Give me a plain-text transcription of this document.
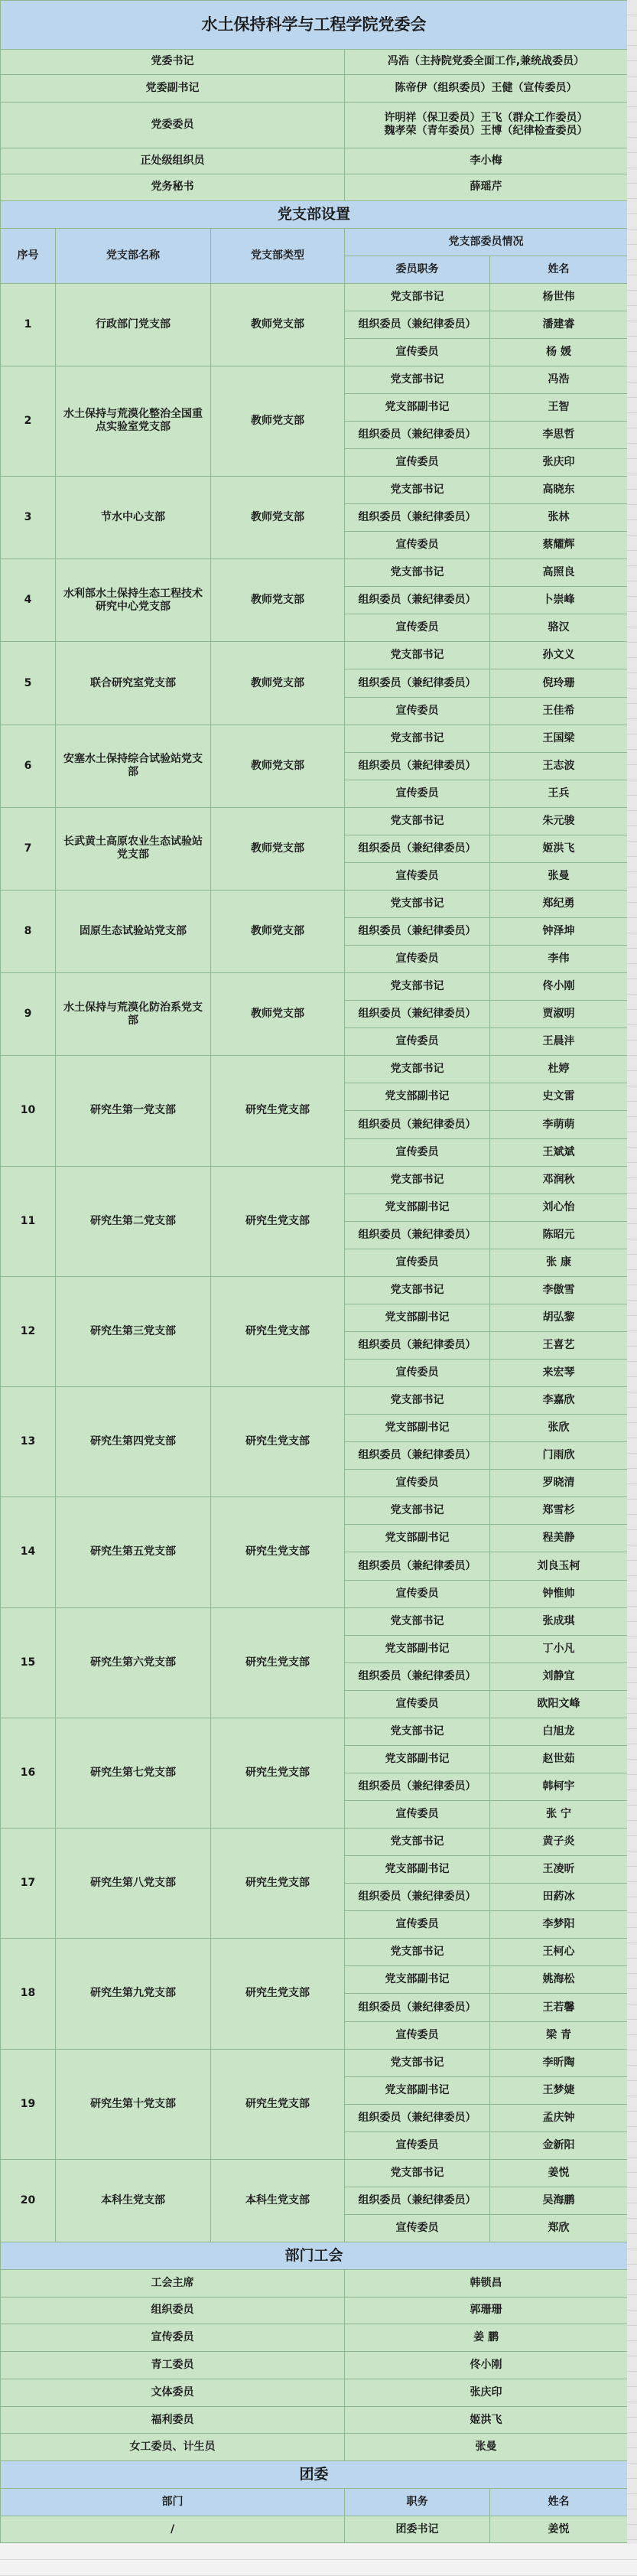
水土保持科学与工程学院党委会				
党委书记			冯浩（主持院党委全面工作,兼统战委员）	

党委副书记			陈帝伊（组织委员）王健（宣传委员）	

党委委员			许明祥（保卫委员）王飞（群众工作委员）
魏孝荣（青年委员）王博（纪律检查委员）	

正处级组织员			李小梅	

党务秘书			薛瑶芹	

党支部设置				
序号	党支部名称	党支部类型	党支部委员情况	
			委员职务	姓名
1	行政部门党支部	教师党支部	党支部书记	杨世伟
			组织委员（兼纪律委员）	潘建睿
			宣传委员	杨 媛
2	水土保持与荒漠化整治全国重点实验室党支部	教师党支部	党支部书记	冯浩
			党支部副书记	王智
			组织委员（兼纪律委员）	李思哲
			宣传委员	张庆印
3	节水中心支部	教师党支部	党支部书记	高晓东
			组织委员（兼纪律委员）	张林
			宣传委员	蔡耀辉
4	水利部水土保持生态工程技术研究中心党支部	教师党支部	党支部书记	高照良
			组织委员（兼纪律委员）	卜崇峰
			宣传委员	骆汉
5	联合研究室党支部	教师党支部	党支部书记	孙文义
			组织委员（兼纪律委员）	倪玲珊
			宣传委员	王佳希
6	安塞水土保持综合试验站党支部	教师党支部	党支部书记	王国梁
			组织委员（兼纪律委员）	王志波
			宣传委员	王兵
7	长武黄土高原农业生态试验站党支部	教师党支部	党支部书记	朱元骏
			组织委员（兼纪律委员）	姬洪飞
			宣传委员	张曼
8	固原生态试验站党支部	教师党支部	党支部书记	郑纪勇
			组织委员（兼纪律委员）	钟泽坤
			宣传委员	李伟
9	水土保持与荒漠化防治系党支部	教师党支部	党支部书记	佟小刚
			组织委员（兼纪律委员）	贾淑明
			宣传委员	王晨沣
10	研究生第一党支部	研究生党支部	党支部书记	杜婷
			党支部副书记	史文雷
			组织委员（兼纪律委员）	李萌萌
			宣传委员	王斌斌
11	研究生第二党支部	研究生党支部	党支部书记	邓润秋
			党支部副书记	刘心怡
			组织委员（兼纪律委员）	陈昭元
			宣传委员	张 康
12	研究生第三党支部	研究生党支部	党支部书记	李傲雪
			党支部副书记	胡弘黎
			组织委员（兼纪律委员）	王喜艺
			宣传委员	来宏琴
13	研究生第四党支部	研究生党支部	党支部书记	李嘉欣
			党支部副书记	张欣
			组织委员（兼纪律委员）	门雨欣
			宣传委员	罗晓清
14	研究生第五党支部	研究生党支部	党支部书记	郑雪杉
			党支部副书记	程美静
			组织委员（兼纪律委员）	刘良玉柯
			宣传委员	钟惟帅
15	研究生第六党支部	研究生党支部	党支部书记	张成琪
			党支部副书记	丁小凡
			组织委员（兼纪律委员）	刘静宜
			宣传委员	欧阳文峰
16	研究生第七党支部	研究生党支部	党支部书记	白旭龙
			党支部副书记	赵世茹
			组织委员（兼纪律委员）	韩柯宇
			宣传委员	张 宁
17	研究生第八党支部	研究生党支部	党支部书记	黄子炎
			党支部副书记	王凌昕
			组织委员（兼纪律委员）	田葯冰
			宣传委员	李梦阳
18	研究生第九党支部	研究生党支部	党支部书记	王柯心
			党支部副书记	姚海松
			组织委员（兼纪律委员）	王若馨
			宣传委员	梁 青
19	研究生第十党支部	研究生党支部	党支部书记	李昕陶
			党支部副书记	王梦婕
			组织委员（兼纪律委员）	孟庆钟
			宣传委员	金新阳
20	本科生党支部	本科生党支部	党支部书记	姜悦
			组织委员（兼纪律委员）	吴海鹏
			宣传委员	郑欣
部门工会				
工会主席			韩锁昌	
组织委员			郭珊珊	
宣传委员			姜 鹏	
青工委员			佟小刚	
文体委员			张庆印	
福利委员			姬洪飞	
女工委员、计生员			张曼	
团委				
部门			职务	姓名
/			团委书记	姜悦
